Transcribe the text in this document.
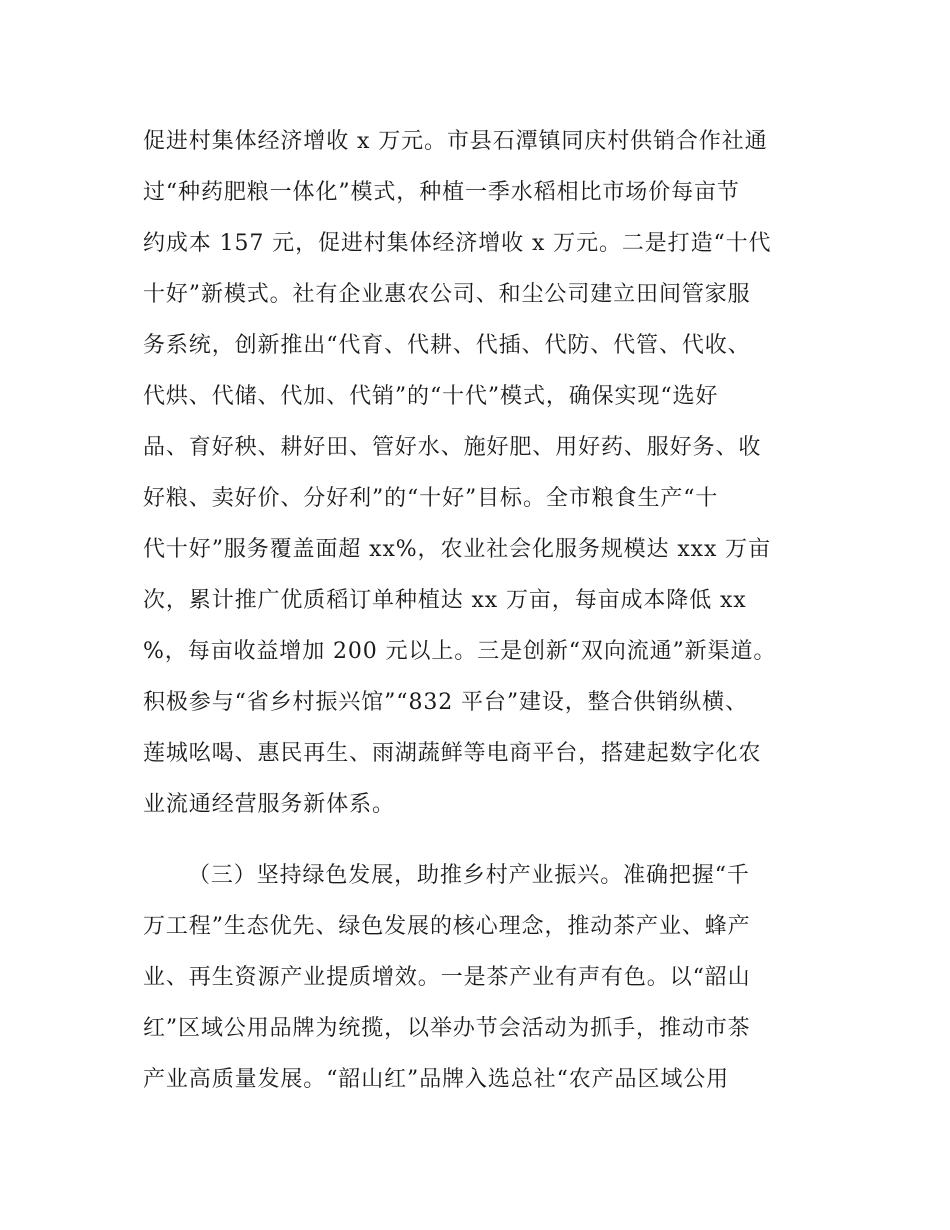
促进村集体经济增收 x 万元。市县石潭镇同庆村供销合作社通

过“种药肥粮一体化”模式，种植一季水稻相比市场价每亩节

约成本 157 元，促进村集体经济增收 x 万元。二是打造“十代

十好”新模式。社有企业惠农公司、和尘公司建立田间管家服

务系统，创新推出“代育、代耕、代插、代防、代管、代收、

代烘、代储、代加、代销”的“十代”模式，确保实现“选好

品、育好秧、耕好田、管好水、施好肥、用好药、服好务、收

好粮、卖好价、分好利”的“十好”目标。全市粮食生产“十

代十好”服务覆盖面超 xx%，农业社会化服务规模达 xxx 万亩

次，累计推广优质稻订单种植达 xx 万亩，每亩成本降低 xx

%，每亩收益增加 200 元以上。三是创新“双向流通”新渠道。

积极参与“省乡村振兴馆”“832 平台”建设，整合供销纵横、

莲城吆喝、惠民再生、雨湖蔬鲜等电商平台，搭建起数字化农

业流通经营服务新体系。

（三）坚持绿色发展，助推乡村产业振兴。准确把握“千

万工程”生态优先、绿色发展的核心理念，推动茶产业、蜂产

业、再生资源产业提质增效。一是茶产业有声有色。以“韶山

红”区域公用品牌为统揽，以举办节会活动为抓手，推动市茶

产业高质量发展。“韶山红”品牌入选总社“农产品区域公用
